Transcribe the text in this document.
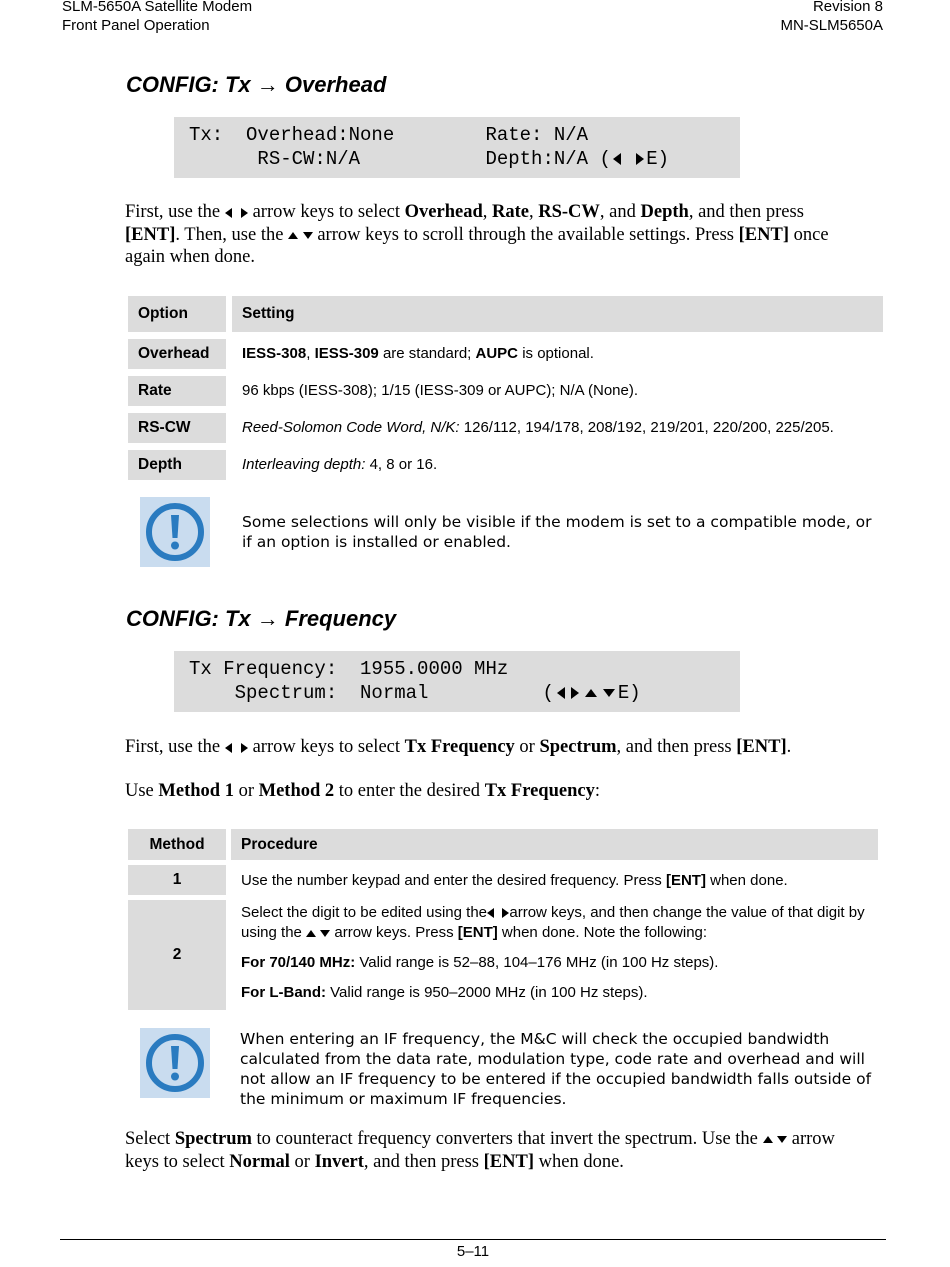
SLM-5650A Satellite Modem
Front Panel Operation
Revision 8
MN-SLM5650A
CONFIG: Tx → Overhead
Tx:  Overhead:None        Rate: N/A
RS-CW:N/A           Depth:N/A ( E)
First, use the    arrow keys to select Overhead, Rate, RS-CW, and Depth, and then press
[ENT]. Then, use the   arrow keys to scroll through the available settings. Press [ENT] once
again when done.
Option	Setting
Overhead	IESS-308, IESS-309 are standard; AUPC is optional.
Rate	96 kbps (IESS-308); 1/15 (IESS-309 or AUPC); N/A (None).
RS-CW	Reed-Solomon Code Word, N/K: 126/112, 194/178, 208/192, 219/201, 220/200, 225/205.
Depth	Interleaving depth: 4, 8 or 16.
Some selections will only be visible if the modem is set to a compatible mode, or
if an option is installed or enabled.
CONFIG: Tx → Frequency
Tx Frequency:  1955.0000 MHz
Spectrum:  Normal          (	E)
First, use the    arrow keys to select Tx Frequency or Spectrum, and then press [ENT].
Use Method 1 or Method 2 to enter the desired Tx Frequency:
Method	Procedure
1	Use the number keypad and enter the desired frequency. Press [ENT] when done.
2
Select the digit to be edited using the arrow keys, and then change the value of that digit by
using the   arrow keys. Press [ENT] when done. Note the following:
For 70/140 MHz: Valid range is 52–88, 104–176 MHz (in 100 Hz steps).
For L-Band: Valid range is 950–2000 MHz (in 100 Hz steps).
When entering an IF frequency, the M&C will check the occupied bandwidth
calculated from the data rate, modulation type, code rate and overhead and will
not allow an IF frequency to be entered if the occupied bandwidth falls outside of
the minimum or maximum IF frequencies.
Select Spectrum to counteract frequency converters that invert the spectrum. Use the   arrow
keys to select Normal or Invert, and then press [ENT] when done.
5–11
